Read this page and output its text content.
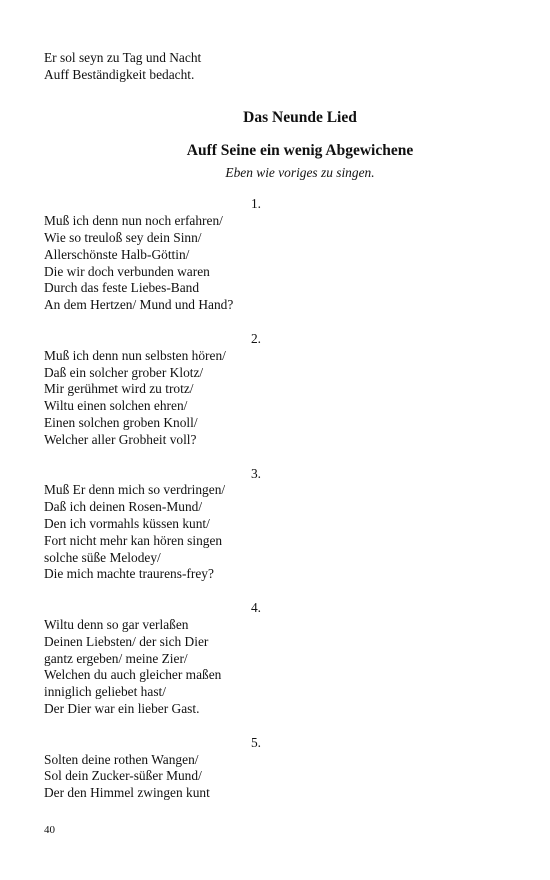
Er sol seyn zu Tag und Nacht
Auff Beständigkeit bedacht.
Das Neunde Lied
Auff Seine ein wenig Abgewichene
Eben wie voriges zu singen.
1.
Muß ich denn nun noch erfahren/
Wie so treuloß sey dein Sinn/
Allerschönste Halb-Göttin/
Die wir doch verbunden waren
Durch das feste Liebes-Band
An dem Hertzen/ Mund und Hand?
2.
Muß ich denn nun selbsten hören/
Daß ein solcher grober Klotz/
Mir gerühmet wird zu trotz/
Wiltu einen solchen ehren/
Einen solchen groben Knoll/
Welcher aller Grobheit voll?
3.
Muß Er denn mich so verdringen/
Daß ich deinen Rosen-Mund/
Den ich vormahls küssen kunt/
Fort nicht mehr kan hören singen
solche süße Melodey/
Die mich machte traurens-frey?
4.
Wiltu denn so gar verlaßen
Deinen Liebsten/ der sich Dier
gantz ergeben/ meine Zier/
Welchen du auch gleicher maßen
inniglich geliebet hast/
Der Dier war ein lieber Gast.
5.
Solten deine rothen Wangen/
Sol dein Zucker-süßer Mund/
Der den Himmel zwingen kunt
40
